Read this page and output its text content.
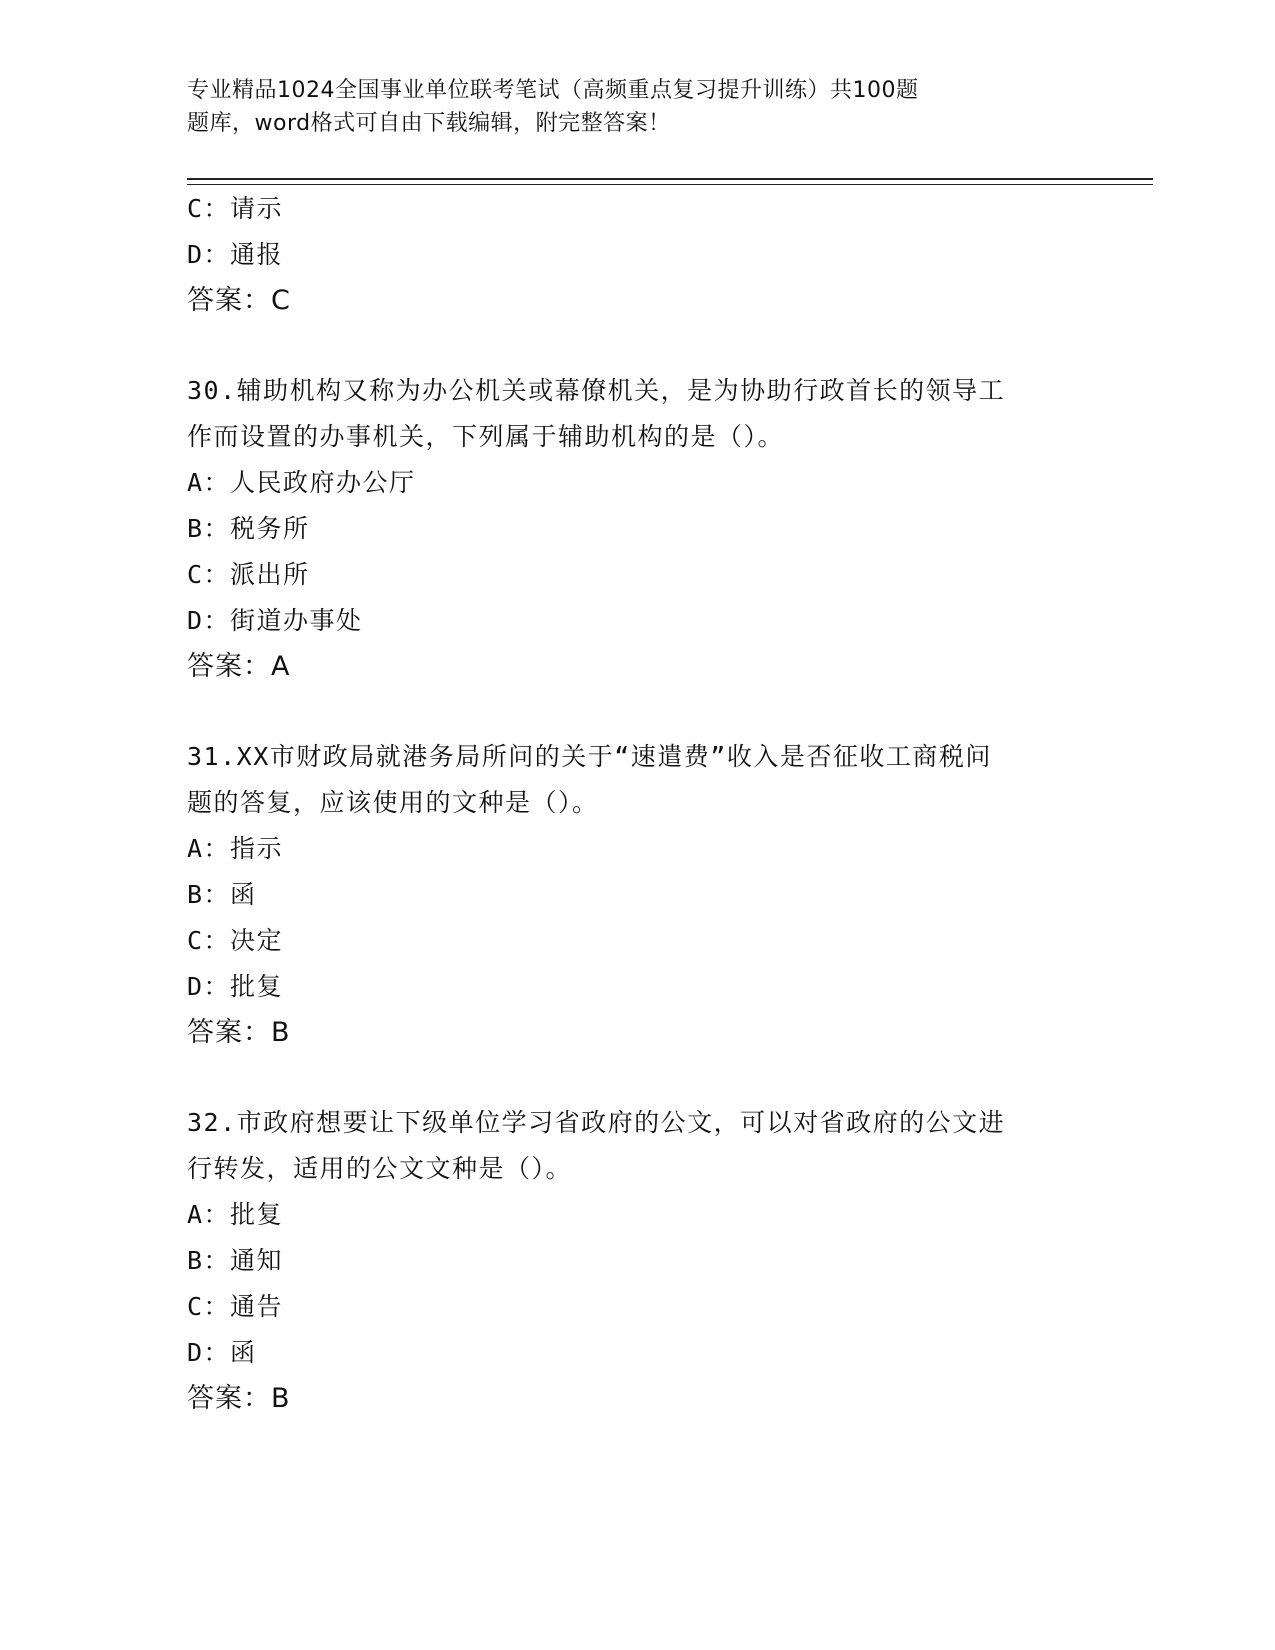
专业精品1024全国事业单位联考笔试（高频重点复习提升训练）共100题
题库，word格式可自由下载编辑，附完整答案！
C：请示
D：通报
答案：C
30.辅助机构又称为办公机关或幕僚机关，是为协助行政首长的领导工
作而设置的办事机关，下列属于辅助机构的是（）。
A：人民政府办公厅
B：税务所
C：派出所
D：街道办事处
答案：A
31.XX市财政局就港务局所问的关于“速遣费”收入是否征收工商税问
题的答复，应该使用的文种是（）。
A：指示
B：函
C：决定
D：批复
答案：B
32.市政府想要让下级单位学习省政府的公文，可以对省政府的公文进
行转发，适用的公文文种是（）。
A：批复
B：通知
C：通告
D：函
答案：B
